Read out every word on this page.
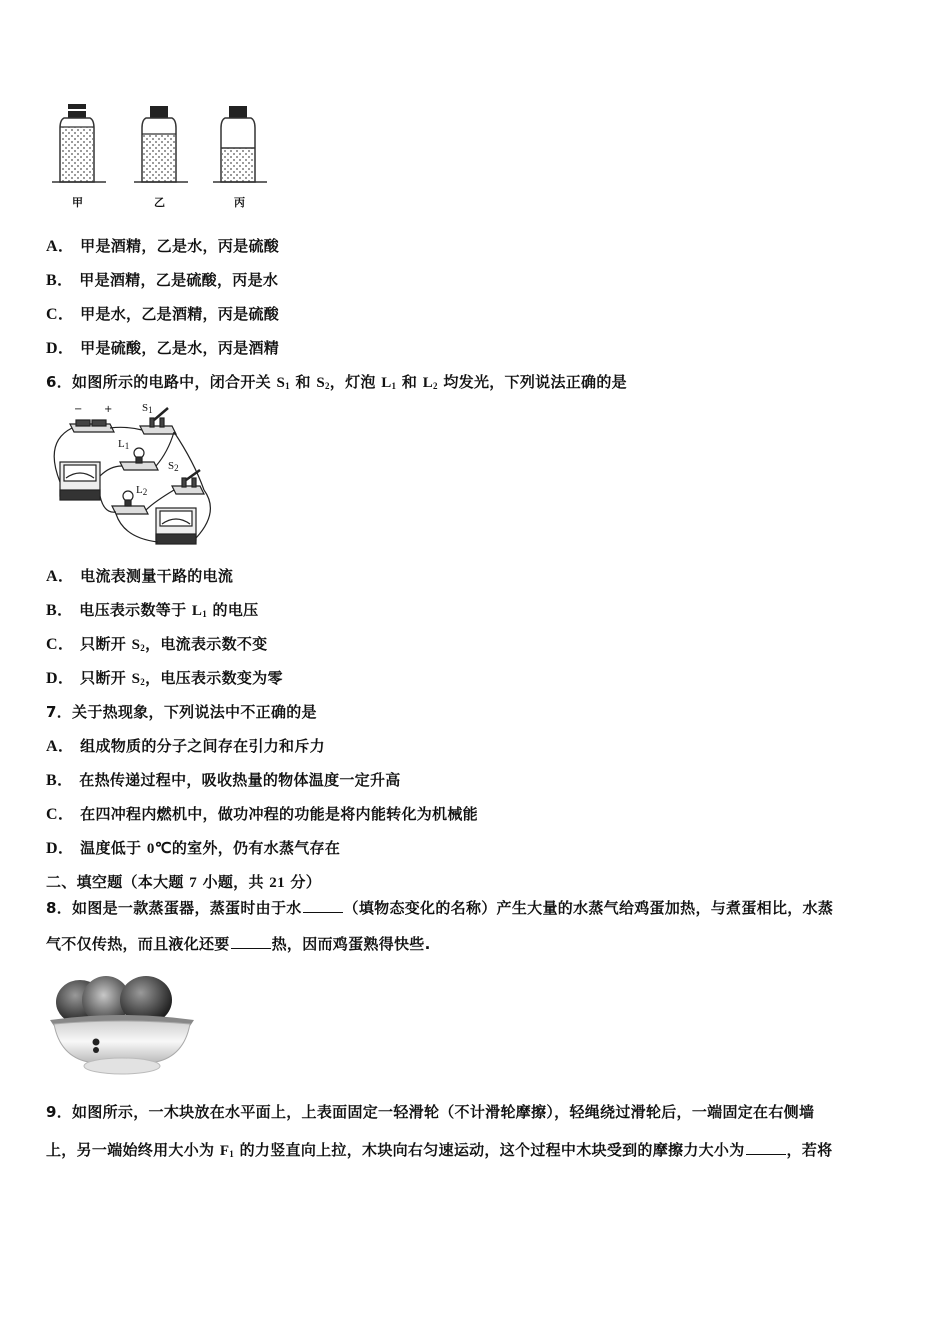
甲	乙	丙
A． 甲是酒精，乙是水，丙是硫酸
B． 甲是酒精，乙是硫酸，丙是水
C． 甲是水，乙是酒精，丙是硫酸
D． 甲是硫酸，乙是水，丙是酒精
6．如图所示的电路中，闭合开关 $S_1$ 和 $S_2$，灯泡 $L_1$ 和 $L_2$ 均发光，下列说法正确的是
− +	$S_1$
$L_1$
$S_2$
$L_2$
A． 电流表测量干路的电流
B． 电压表示数等于 $L_1$ 的电压
C． 只断开 $S_2$，电流表示数不变
D． 只断开 $S_2$，电压表示数变为零
7．关于热现象，下列说法中不正确的是
A． 组成物质的分子之间存在引力和斥力
B． 在热传递过程中，吸收热量的物体温度一定升高
C． 在四冲程内燃机中，做功冲程的功能是将内能转化为机械能
D． 温度低于 0℃的室外，仍有水蒸气存在
二、填空题（本大题 7 小题，共 21 分）
8．如图是一款蒸蛋器，蒸蛋时由于水	（填物态变化的名称）产生大量的水蒸气给鸡蛋加热，与煮蛋相比，水蒸
气不仅传热，而且液化还要	热，因而鸡蛋熟得快些.
9．如图所示，一木块放在水平面上，上表面固定一轻滑轮（不计滑轮摩擦），轻绳绕过滑轮后，一端固定在右侧墙
上，另一端始终用大小为 $F_1$ 的力竖直向上拉，木块向右匀速运动，这个过程中木块受到的摩擦力大小为	，若将
